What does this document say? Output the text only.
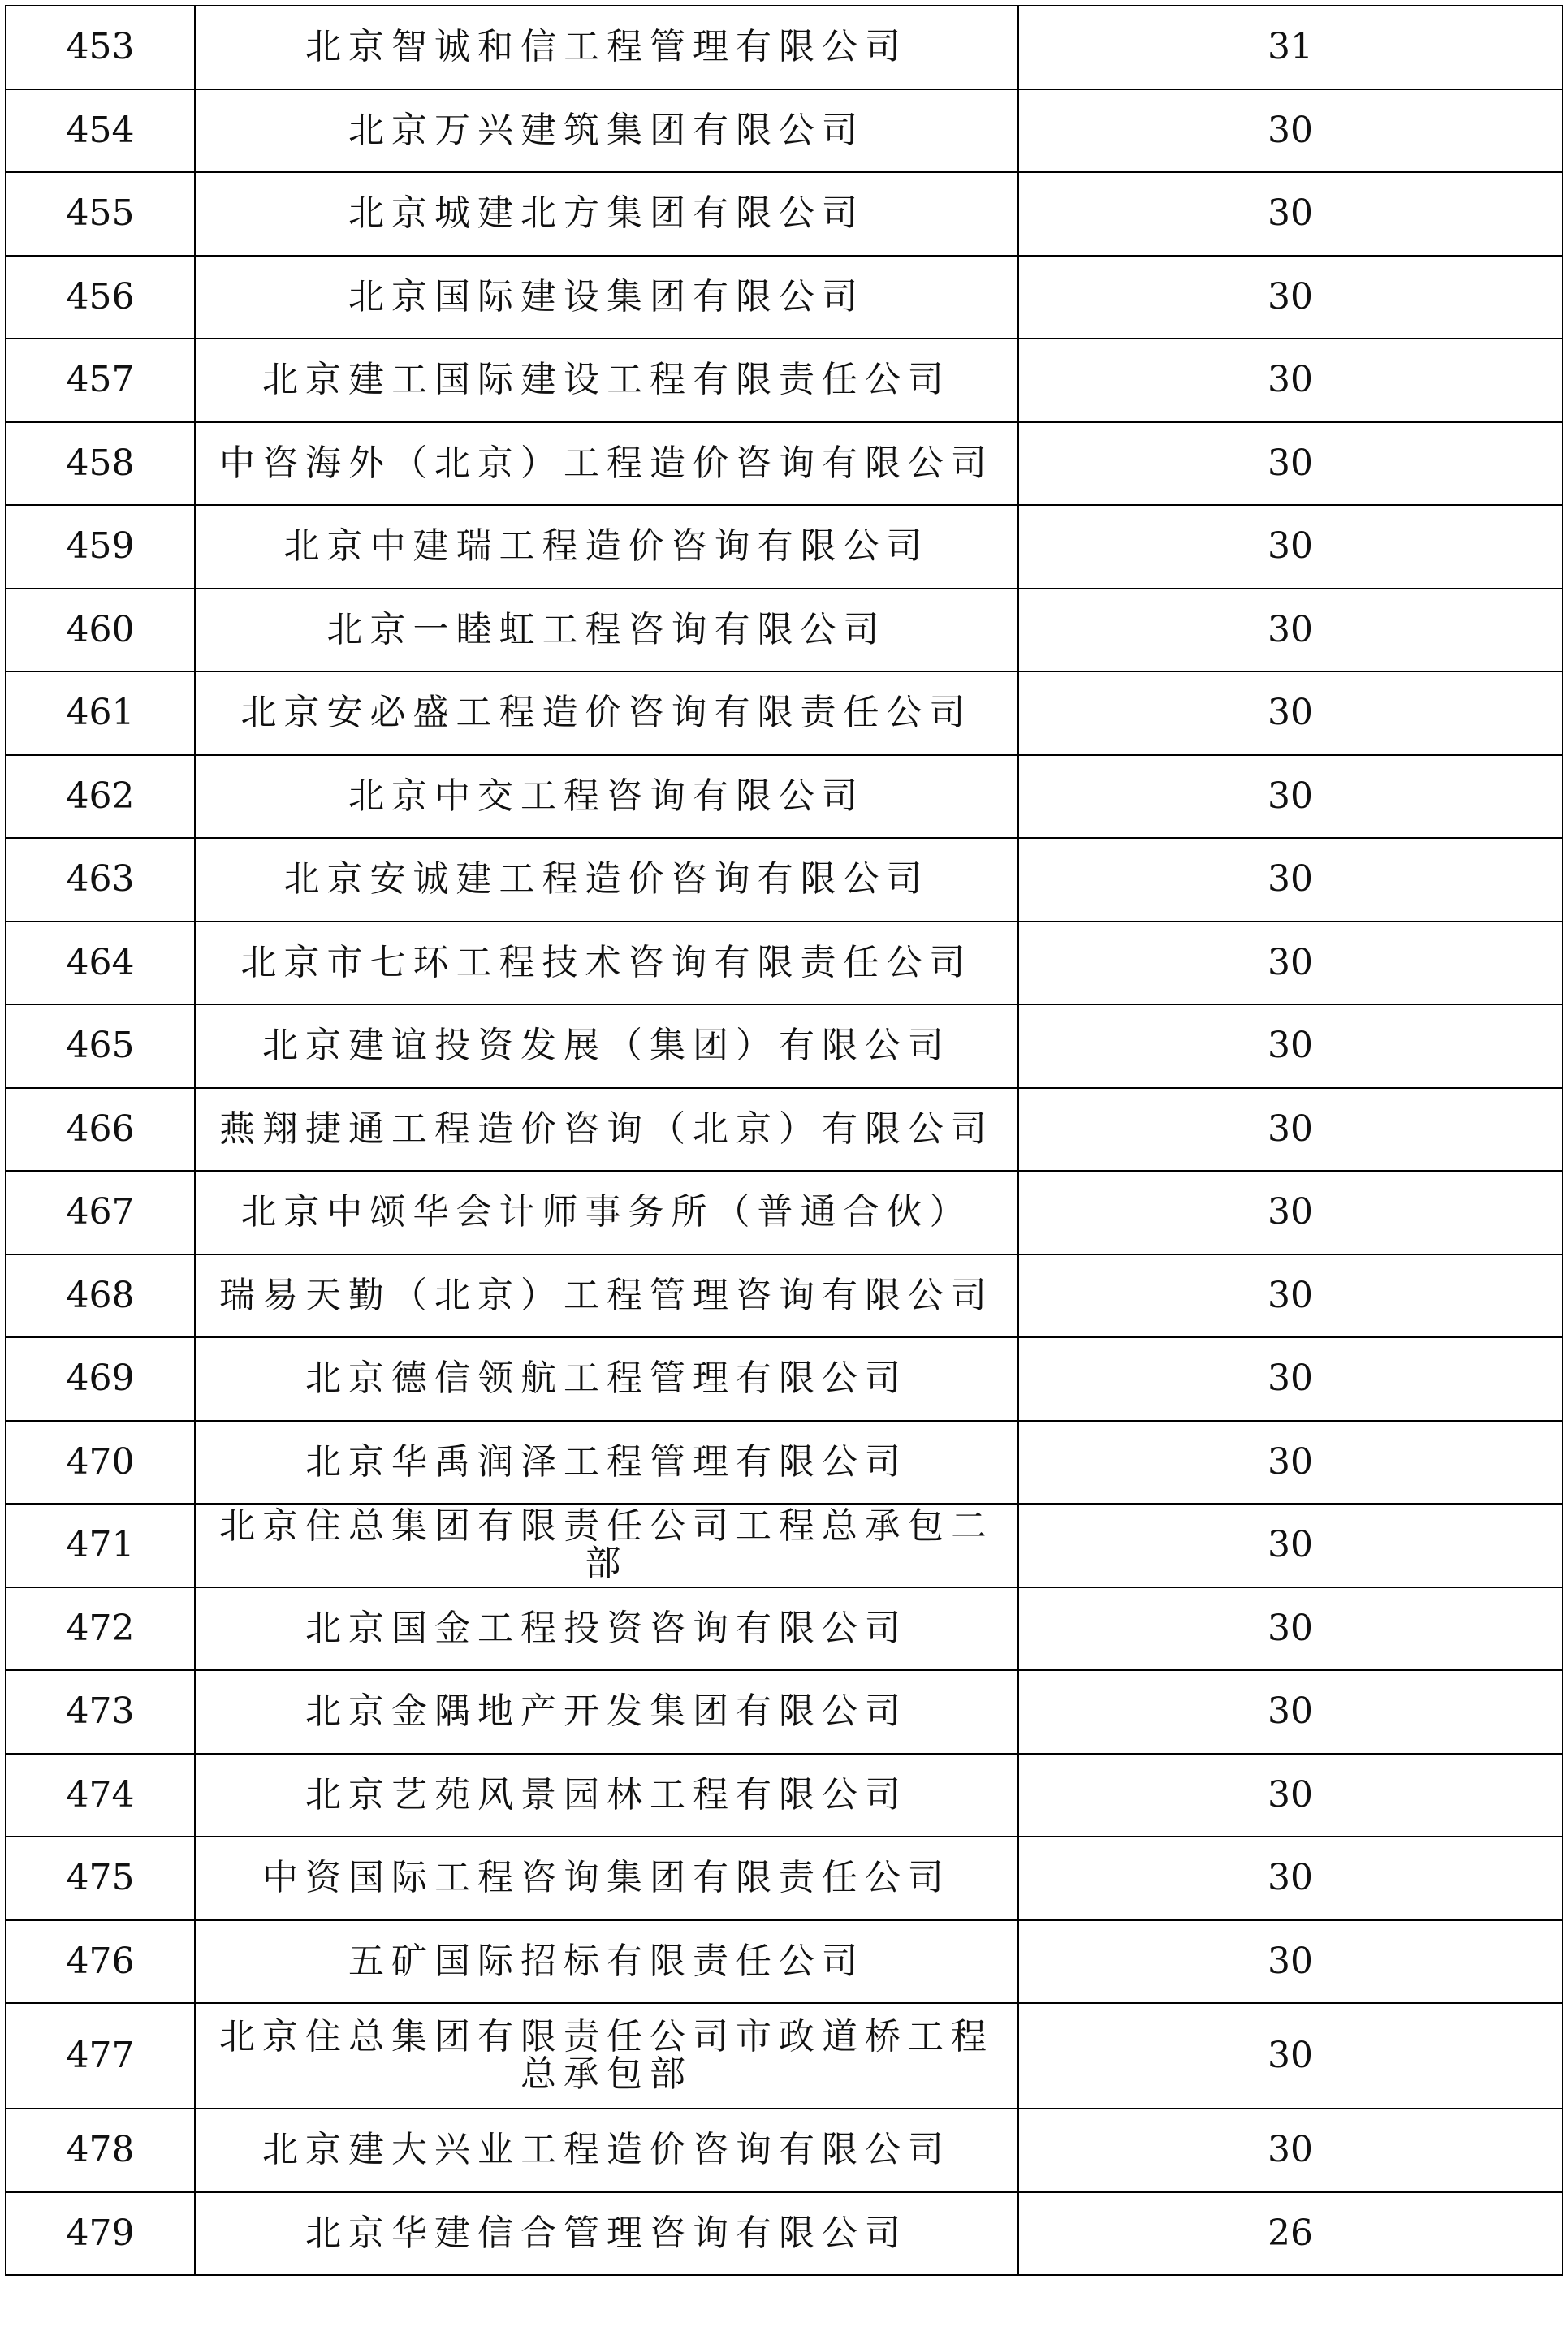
453	北京智诚和信工程管理有限公司	31
454	北京万兴建筑集团有限公司	30
455	北京城建北方集团有限公司	30
456	北京国际建设集团有限公司	30
457	北京建工国际建设工程有限责任公司	30
458	中咨海外（北京）工程造价咨询有限公司	30
459	北京中建瑞工程造价咨询有限公司	30
460	北京一睦虹工程咨询有限公司	30
461	北京安必盛工程造价咨询有限责任公司	30
462	北京中交工程咨询有限公司	30
463	北京安诚建工程造价咨询有限公司	30
464	北京市七环工程技术咨询有限责任公司	30
465	北京建谊投资发展（集团）有限公司	30
466	燕翔捷通工程造价咨询（北京）有限公司	30
467	北京中颂华会计师事务所（普通合伙）	30
468	瑞易天勤（北京）工程管理咨询有限公司	30
469	北京德信领航工程管理有限公司	30
470	北京华禹润泽工程管理有限公司	30
471	北京住总集团有限责任公司工程总承包二部	30
472	北京国金工程投资咨询有限公司	30
473	北京金隅地产开发集团有限公司	30
474	北京艺苑风景园林工程有限公司	30
475	中资国际工程咨询集团有限责任公司	30
476	五矿国际招标有限责任公司	30
477	北京住总集团有限责任公司市政道桥工程总承包部	30
478	北京建大兴业工程造价咨询有限公司	30
479	北京华建信合管理咨询有限公司	26
